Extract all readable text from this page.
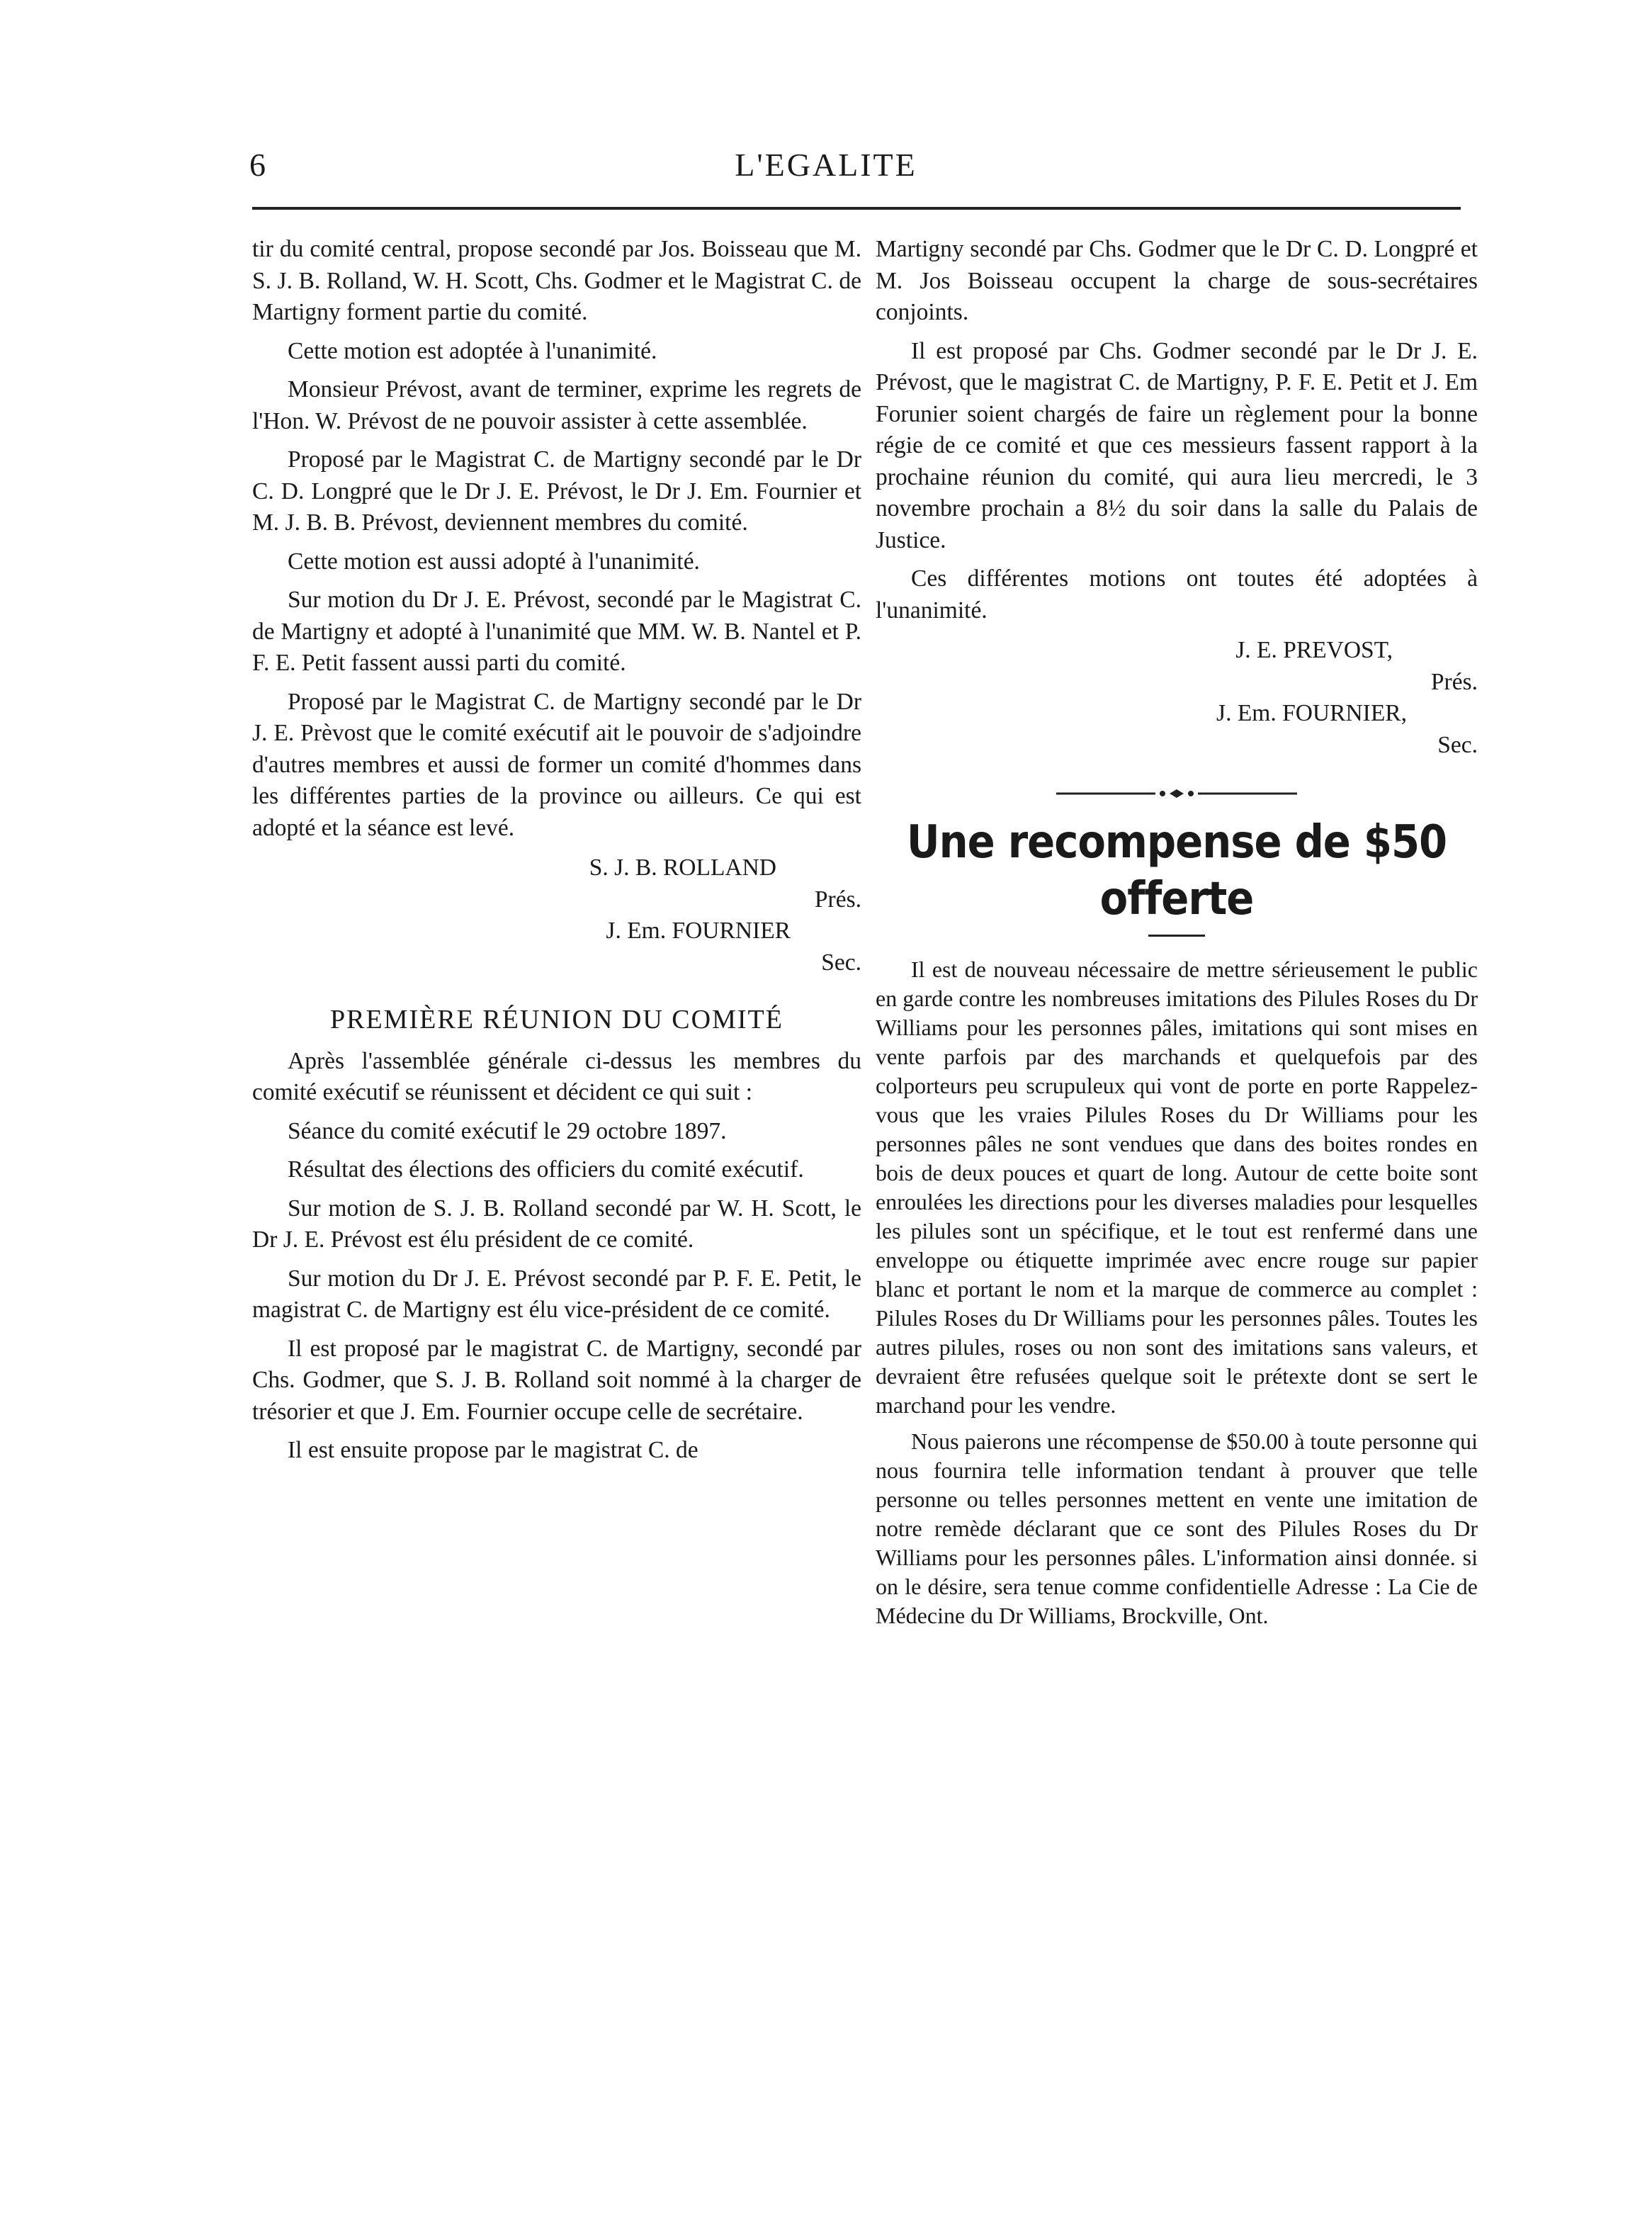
6	L'EGALITE

tir du comité central, propose secondé par Jos. Boisseau que M. S. J. B. Rolland, W. H. Scott, Chs. Godmer et le Magistrat C. de Martigny forment partie du comité.

Cette motion est adoptée à l'unanimité.

Monsieur Prévost, avant de terminer, exprime les regrets de l'Hon. W. Prévost de ne pouvoir assister à cette assemblée.

Proposé par le Magistrat C. de Martigny secondé par le Dr C. D. Longpré que le Dr J. E. Prévost, le Dr J. Em. Fournier et M. J. B. B. Prévost, deviennent membres du comité.

Cette motion est aussi adopté à l'unanimité.

Sur motion du Dr J. E. Prévost, secondé par le Magistrat C. de Martigny et adopté à l'unanimité que MM. W. B. Nantel et P. F. E. Petit fassent aussi parti du comité.

Proposé par le Magistrat C. de Martigny secondé par le Dr J. E. Prèvost que le comité exécutif ait le pouvoir de s'adjoindre d'autres membres et aussi de former un comité d'hommes dans les différentes parties de la province ou ailleurs. Ce qui est adopté et la séance est levé.

S. J. B. ROLLAND
Prés.
J. Em. FOURNIER
Sec.
PREMIÈRE RÉUNION DU COMITÉ

Après l'assemblée générale ci-dessus les membres du comité exécutif se réunissent et décident ce qui suit :

Séance du comité exécutif le 29 octobre 1897.

Résultat des élections des officiers du comité exécutif.

Sur motion de S. J. B. Rolland secondé par W. H. Scott, le Dr J. E. Prévost est élu président de ce comité.

Sur motion du Dr J. E. Prévost secondé par P. F. E. Petit, le magistrat C. de Martigny est élu vice-président de ce comité.

Il est proposé par le magistrat C. de Martigny, secondé par Chs. Godmer, que S. J. B. Rolland soit nommé à la charger de trésorier et que J. Em. Fournier occupe celle de secrétaire.

Il est ensuite propose par le magistrat C. de

Martigny secondé par Chs. Godmer que le Dr C. D. Longpré et M. Jos Boisseau occupent la charge de sous-secrétaires conjoints.

Il est proposé par Chs. Godmer secondé par le Dr J. E. Prévost, que le magistrat C. de Martigny, P. F. E. Petit et J. Em Forunier soient chargés de faire un règlement pour la bonne régie de ce comité et que ces messieurs fassent rapport à la prochaine réunion du comité, qui aura lieu mercredi, le 3 novembre prochain a 8½ du soir dans la salle du Palais de Justice.

Ces différentes motions ont toutes été adoptées à l'unanimité.

J. E. PREVOST,
Prés.
J. Em. FOURNIER,
Sec.
Une recompense de $50 offerte

Il est de nouveau nécessaire de mettre sérieusement le public en garde contre les nombreuses imitations des Pilules Roses du Dr Williams pour les personnes pâles, imitations qui sont mises en vente parfois par des marchands et quelquefois par des colporteurs peu scrupuleux qui vont de porte en porte Rappelez-vous que les vraies Pilules Roses du Dr Williams pour les personnes pâles ne sont vendues que dans des boites rondes en bois de deux pouces et quart de long. Autour de cette boite sont enroulées les directions pour les diverses maladies pour lesquelles les pilules sont un spécifique, et le tout est renfermé dans une enveloppe ou étiquette imprimée avec encre rouge sur papier blanc et portant le nom et la marque de commerce au complet : Pilules Roses du Dr Williams pour les personnes pâles. Toutes les autres pilules, roses ou non sont des imitations sans valeurs, et devraient être refusées quelque soit le prétexte dont se sert le marchand pour les vendre.

Nous paierons une récompense de $50.00 à toute personne qui nous fournira telle information tendant à prouver que telle personne ou telles personnes mettent en vente une imitation de notre remède déclarant que ce sont des Pilules Roses du Dr Williams pour les personnes pâles. L'information ainsi donnée. si on le désire, sera tenue comme confidentielle Adresse : La Cie de Médecine du Dr Williams, Brockville, Ont.
